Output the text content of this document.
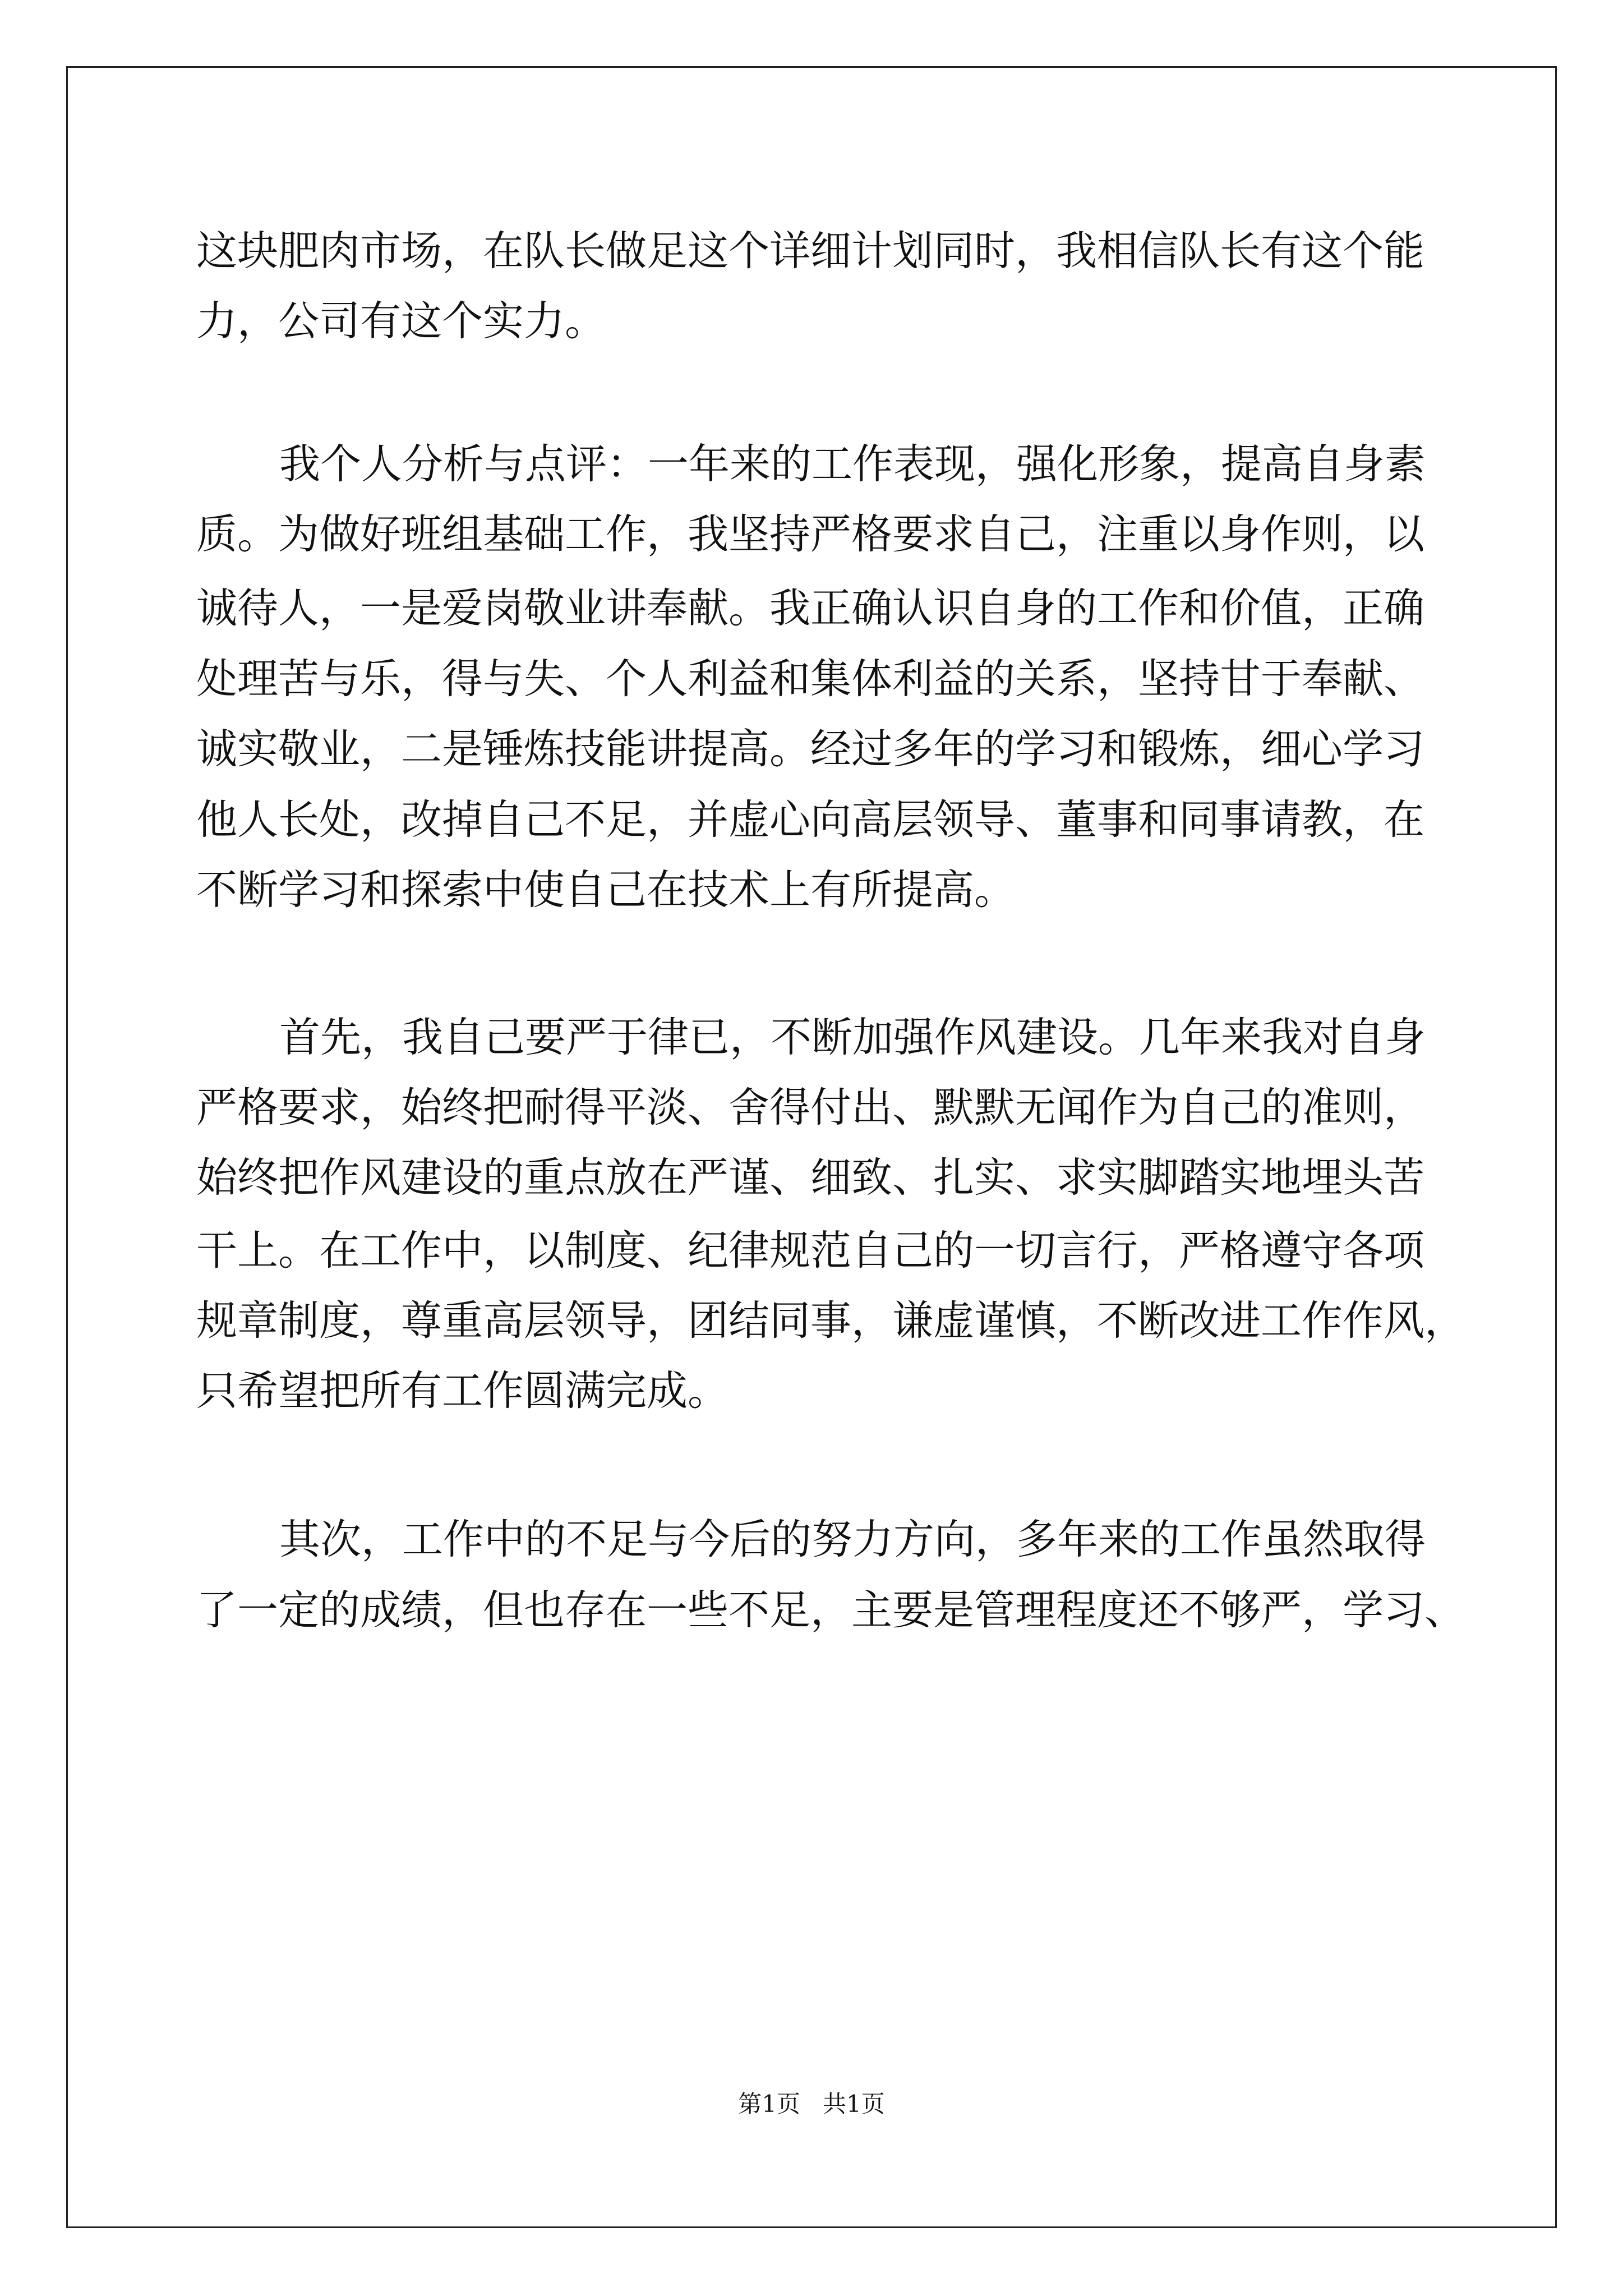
这块肥肉市场，在队长做足这个详细计划同时，我相信队长有这个能
力，公司有这个实力。
我个人分析与点评：一年来的工作表现，强化形象，提高自身素
质。为做好班组基础工作，我坚持严格要求自己，注重以身作则，以
诚待人，一是爱岗敬业讲奉献。我正确认识自身的工作和价值，正确
处理苦与乐，得与失、个人利益和集体利益的关系，坚持甘于奉献、
诚实敬业，二是锤炼技能讲提高。经过多年的学习和锻炼，细心学习
他人长处，改掉自己不足，并虚心向高层领导、董事和同事请教，在
不断学习和探索中使自己在技术上有所提高。
首先，我自己要严于律已，不断加强作风建设。几年来我对自身
严格要求，始终把耐得平淡、舍得付出、默默无闻作为自己的准则，
始终把作风建设的重点放在严谨、细致、扎实、求实脚踏实地埋头苦
干上。在工作中，以制度、纪律规范自己的一切言行，严格遵守各项
规章制度，尊重高层领导，团结同事，谦虚谨慎，不断改进工作作风，
只希望把所有工作圆满完成。
其次，工作中的不足与今后的努力方向，多年来的工作虽然取得
了一定的成绩，但也存在一些不足，主要是管理程度还不够严，学习、
第1页   共1页
